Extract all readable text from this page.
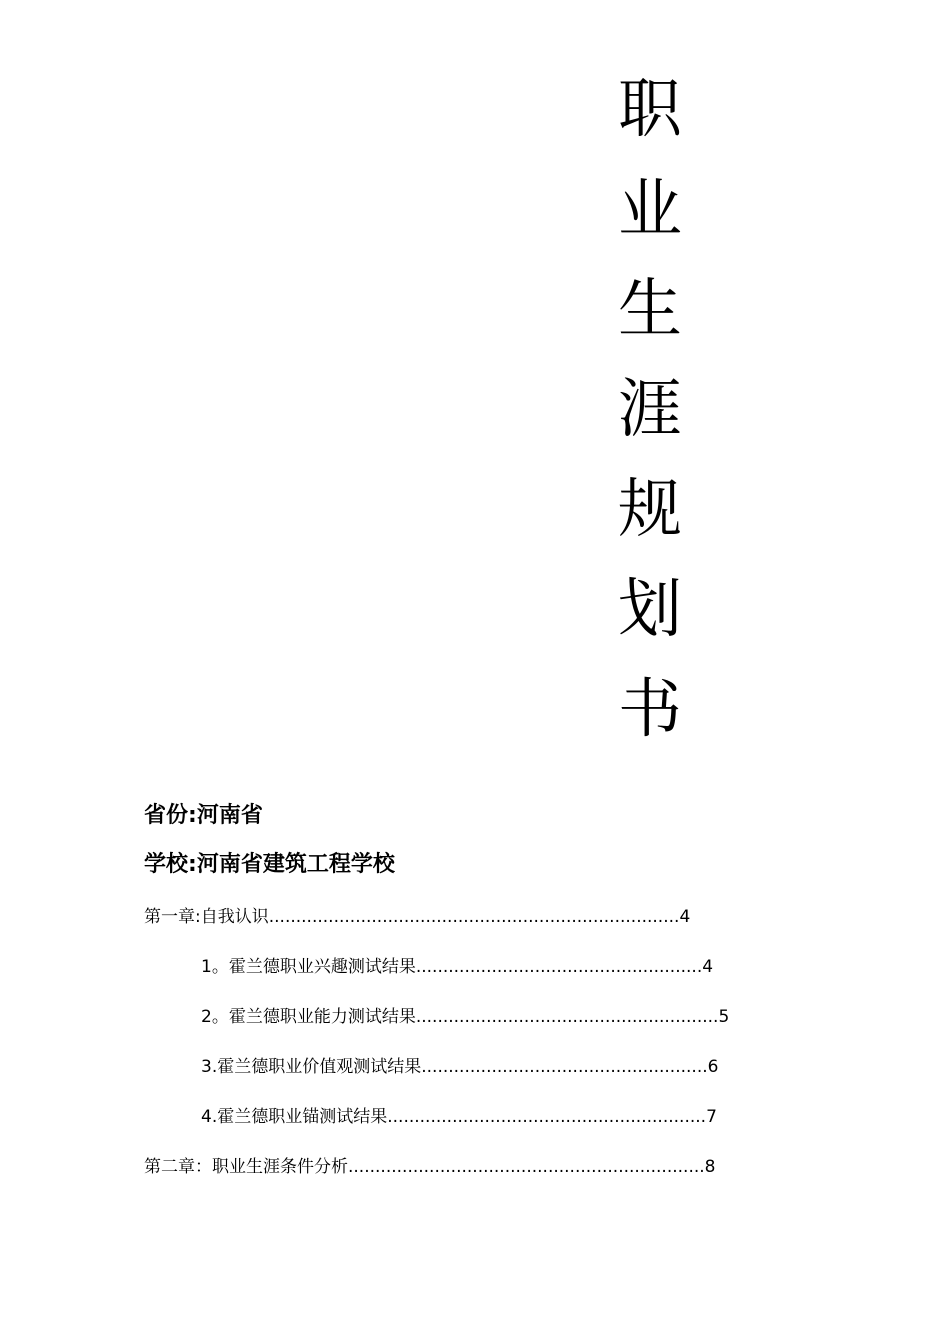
职
业
生
涯
规
划
书
省份:河南省
学校:河南省建筑工程学校
第一章:自我认识 ............................................................................ 4
1。霍兰德职业兴趣测试结果 ..................................................... 4
2。霍兰德职业能力测试结果 ........................................................ 5
3.霍兰德职业价值观测试结果 ..................................................... 6
4.霍兰德职业锚测试结果 ........................................................... 7
第二章：职业生涯条件分析 .................................................................. 8
